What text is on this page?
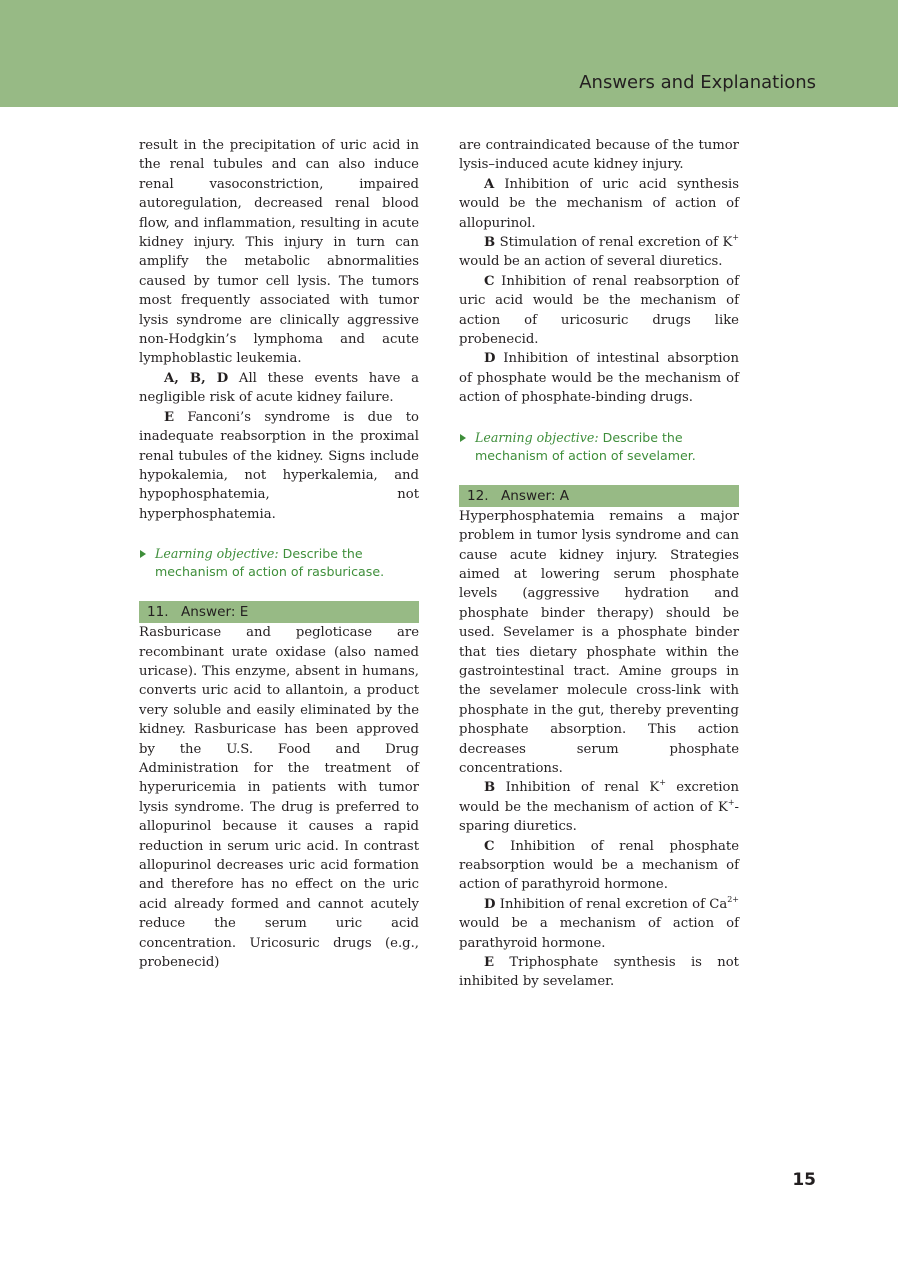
Answers and Explanations

result in the precipitation of uric acid in the renal tubules and can also induce renal vasoconstriction, impaired autoregulation, decreased renal blood flow, and inflammation, resulting in acute kidney injury. This injury in turn can amplify the metabolic abnormalities caused by tumor cell lysis. The tumors most frequently associated with tumor lysis syndrome are clinically aggressive non-Hodgkin’s lymphoma and acute lymphoblastic leukemia.

A, B, D All these events have a negligible risk of acute kidney failure.

E Fanconi’s syndrome is due to inadequate reabsorption in the proximal renal tubules of the kidney. Signs include hypokalemia, not hyperkalemia, and hypophosphatemia, not hyperphosphatemia.

Learning objective: Describe the mechanism of action of rasburicase.
11. Answer: E

Rasburicase and pegloticase are recombinant urate oxidase (also named uricase). This enzyme, absent in humans, converts uric acid to allantoin, a product very soluble and easily eliminated by the kidney. Rasburicase has been approved by the U.S. Food and Drug Administration for the treatment of hyperuricemia in patients with tumor lysis syndrome. The drug is preferred to allopurinol because it causes a rapid reduction in serum uric acid. In contrast allopurinol decreases uric acid formation and therefore has no effect on the uric acid already formed and cannot acutely reduce the serum uric acid concentration. Uricosuric drugs (e.g., probenecid)

are contraindicated because of the tumor lysis–induced acute kidney injury.

A Inhibition of uric acid synthesis would be the mechanism of action of allopurinol.

B Stimulation of renal excretion of K+ would be an action of several diuretics.

C Inhibition of renal reabsorption of uric acid would be the mechanism of action of uricosuric drugs like probenecid.

D Inhibition of intestinal absorption of phosphate would be the mechanism of action of phosphate-binding drugs.

Learning objective: Describe the mechanism of action of sevelamer.
12. Answer: A

Hyperphosphatemia remains a major problem in tumor lysis syndrome and can cause acute kidney injury. Strategies aimed at lowering serum phosphate levels (aggressive hydration and phosphate binder therapy) should be used. Sevelamer is a phosphate binder that ties dietary phosphate within the gastrointestinal tract. Amine groups in the sevelamer molecule cross-link with phosphate in the gut, thereby preventing phosphate absorption. This action decreases serum phosphate concentrations.

B Inhibition of renal K+ excretion would be the mechanism of action of K+-sparing diuretics.

C Inhibition of renal phosphate reabsorption would be a mechanism of action of parathyroid hormone.

D Inhibition of renal excretion of $Ca^{2+}$ would be a mechanism of action of parathyroid hormone.

E Triphosphate synthesis is not inhibited by sevelamer.

15
